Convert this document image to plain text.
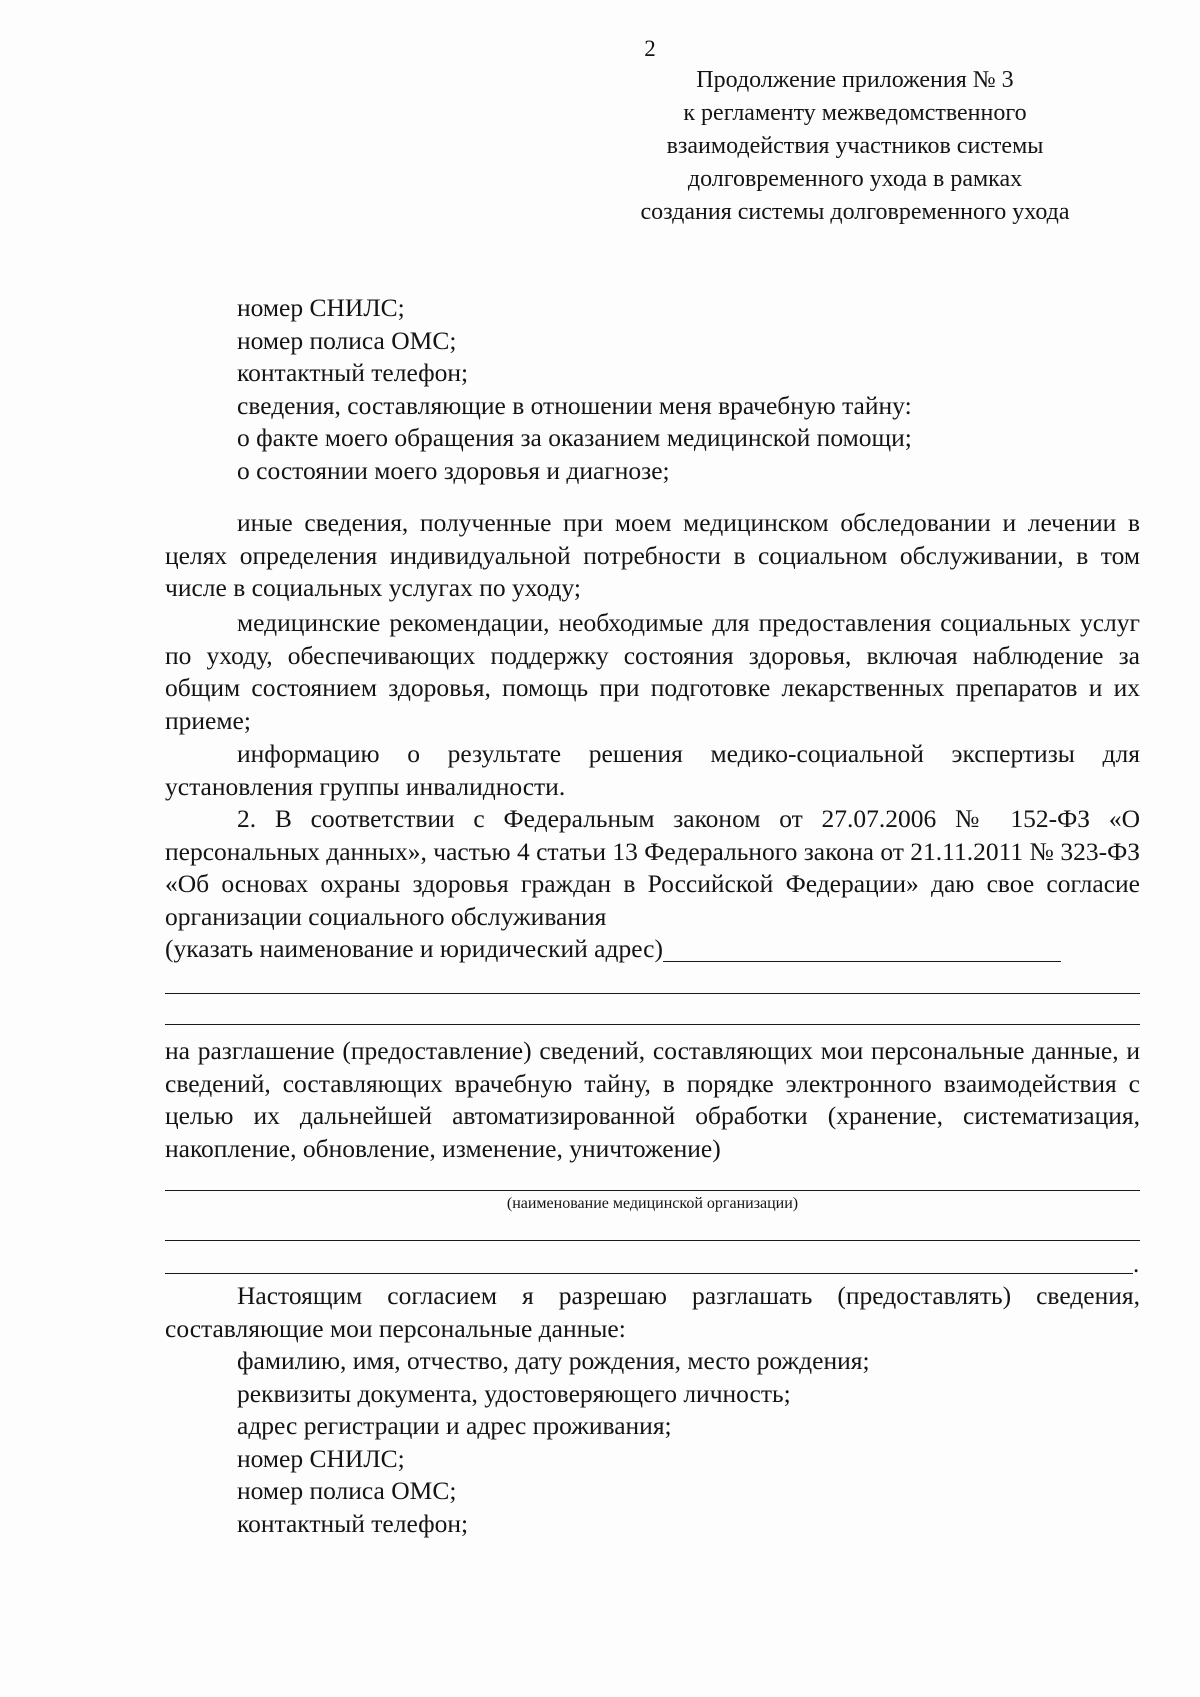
2
Продолжение приложения № 3
к регламенту межведомственного
взаимодействия участников системы
долговременного ухода в рамках
создания системы долговременного ухода
номер СНИЛС;
номер полиса ОМС;
контактный телефон;
сведения, составляющие в отношении меня врачебную тайну:
о факте моего обращения за оказанием медицинской помощи;
о состоянии моего здоровья и диагнозе;

иные сведения, полученные при моем медицинском обследовании и лечении в целях определения индивидуальной потребности в социальном обслуживании, в том числе в социальных услугах по уходу;

медицинские рекомендации, необходимые для предоставления социальных услуг по уходу, обеспечивающих поддержку состояния здоровья, включая наблюдение за общим состоянием здоровья, помощь при подготовке лекарственных препаратов и их приеме;

информацию о результате решения медико-социальной экспертизы для установления группы инвалидности.

2. В соответствии с Федеральным законом от 27.07.2006 № 152-ФЗ «О персональных данных», частью 4 статьи 13 Федерального закона от 21.11.2011 № 323-ФЗ «Об основах охраны здоровья граждан в Российской Федерации» даю свое согласие организации социального обслуживания

(указать наименование и юридический адрес)

на разглашение (предоставление) сведений, составляющих мои персональные данные, и сведений, составляющих врачебную тайну, в порядке электронного взаимодействия с целью их дальнейшей автоматизированной обработки (хранение, систематизация, накопление, обновление, изменение, уничтожение)

(наименование медицинской организации)
.

Настоящим согласием я разрешаю разглашать (предоставлять) сведения, составляющие мои персональные данные:

фамилию, имя, отчество, дату рождения, место рождения;
реквизиты документа, удостоверяющего личность;
адрес регистрации и адрес проживания;
номер СНИЛС;
номер полиса ОМС;
контактный телефон;
